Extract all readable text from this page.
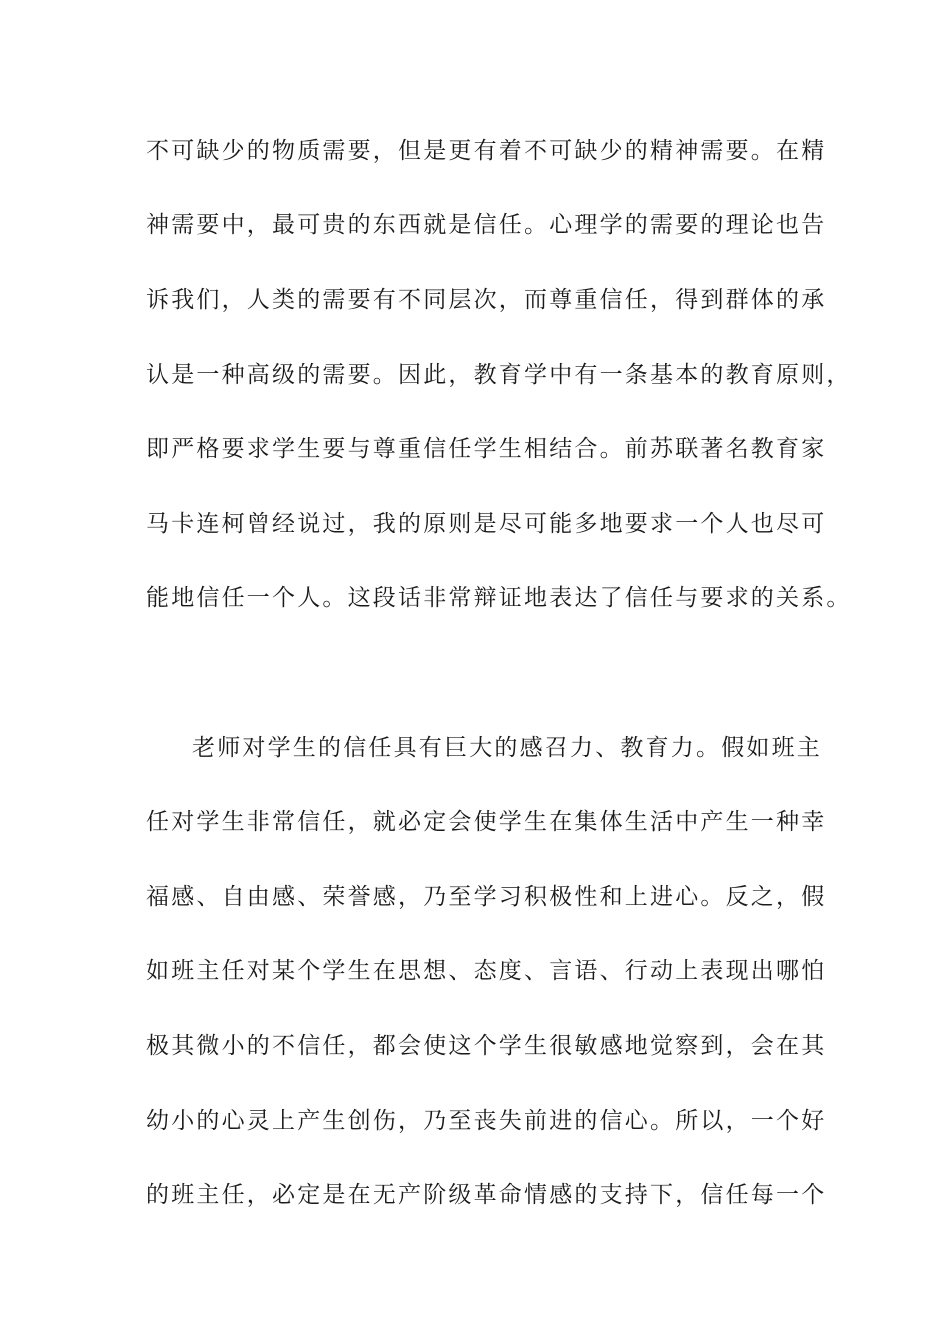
不可缺少的物质需要，但是更有着不可缺少的精神需要。在精
神需要中，最可贵的东西就是信任。心理学的需要的理论也告
诉我们，人类的需要有不同层次，而尊重信任，得到群体的承
认是一种高级的需要。因此，教育学中有一条基本的教育原则，
即严格要求学生要与尊重信任学生相结合。前苏联著名教育家
马卡连柯曾经说过，我的原则是尽可能多地要求一个人也尽可
能地信任一个人。这段话非常辩证地表达了信任与要求的关系。
老师对学生的信任具有巨大的感召力、教育力。假如班主
任对学生非常信任，就必定会使学生在集体生活中产生一种幸
福感、自由感、荣誉感，乃至学习积极性和上进心。反之，假
如班主任对某个学生在思想、态度、言语、行动上表现出哪怕
极其微小的不信任，都会使这个学生很敏感地觉察到，会在其
幼小的心灵上产生创伤，乃至丧失前进的信心。所以，一个好
的班主任，必定是在无产阶级革命情感的支持下，信任每一个
